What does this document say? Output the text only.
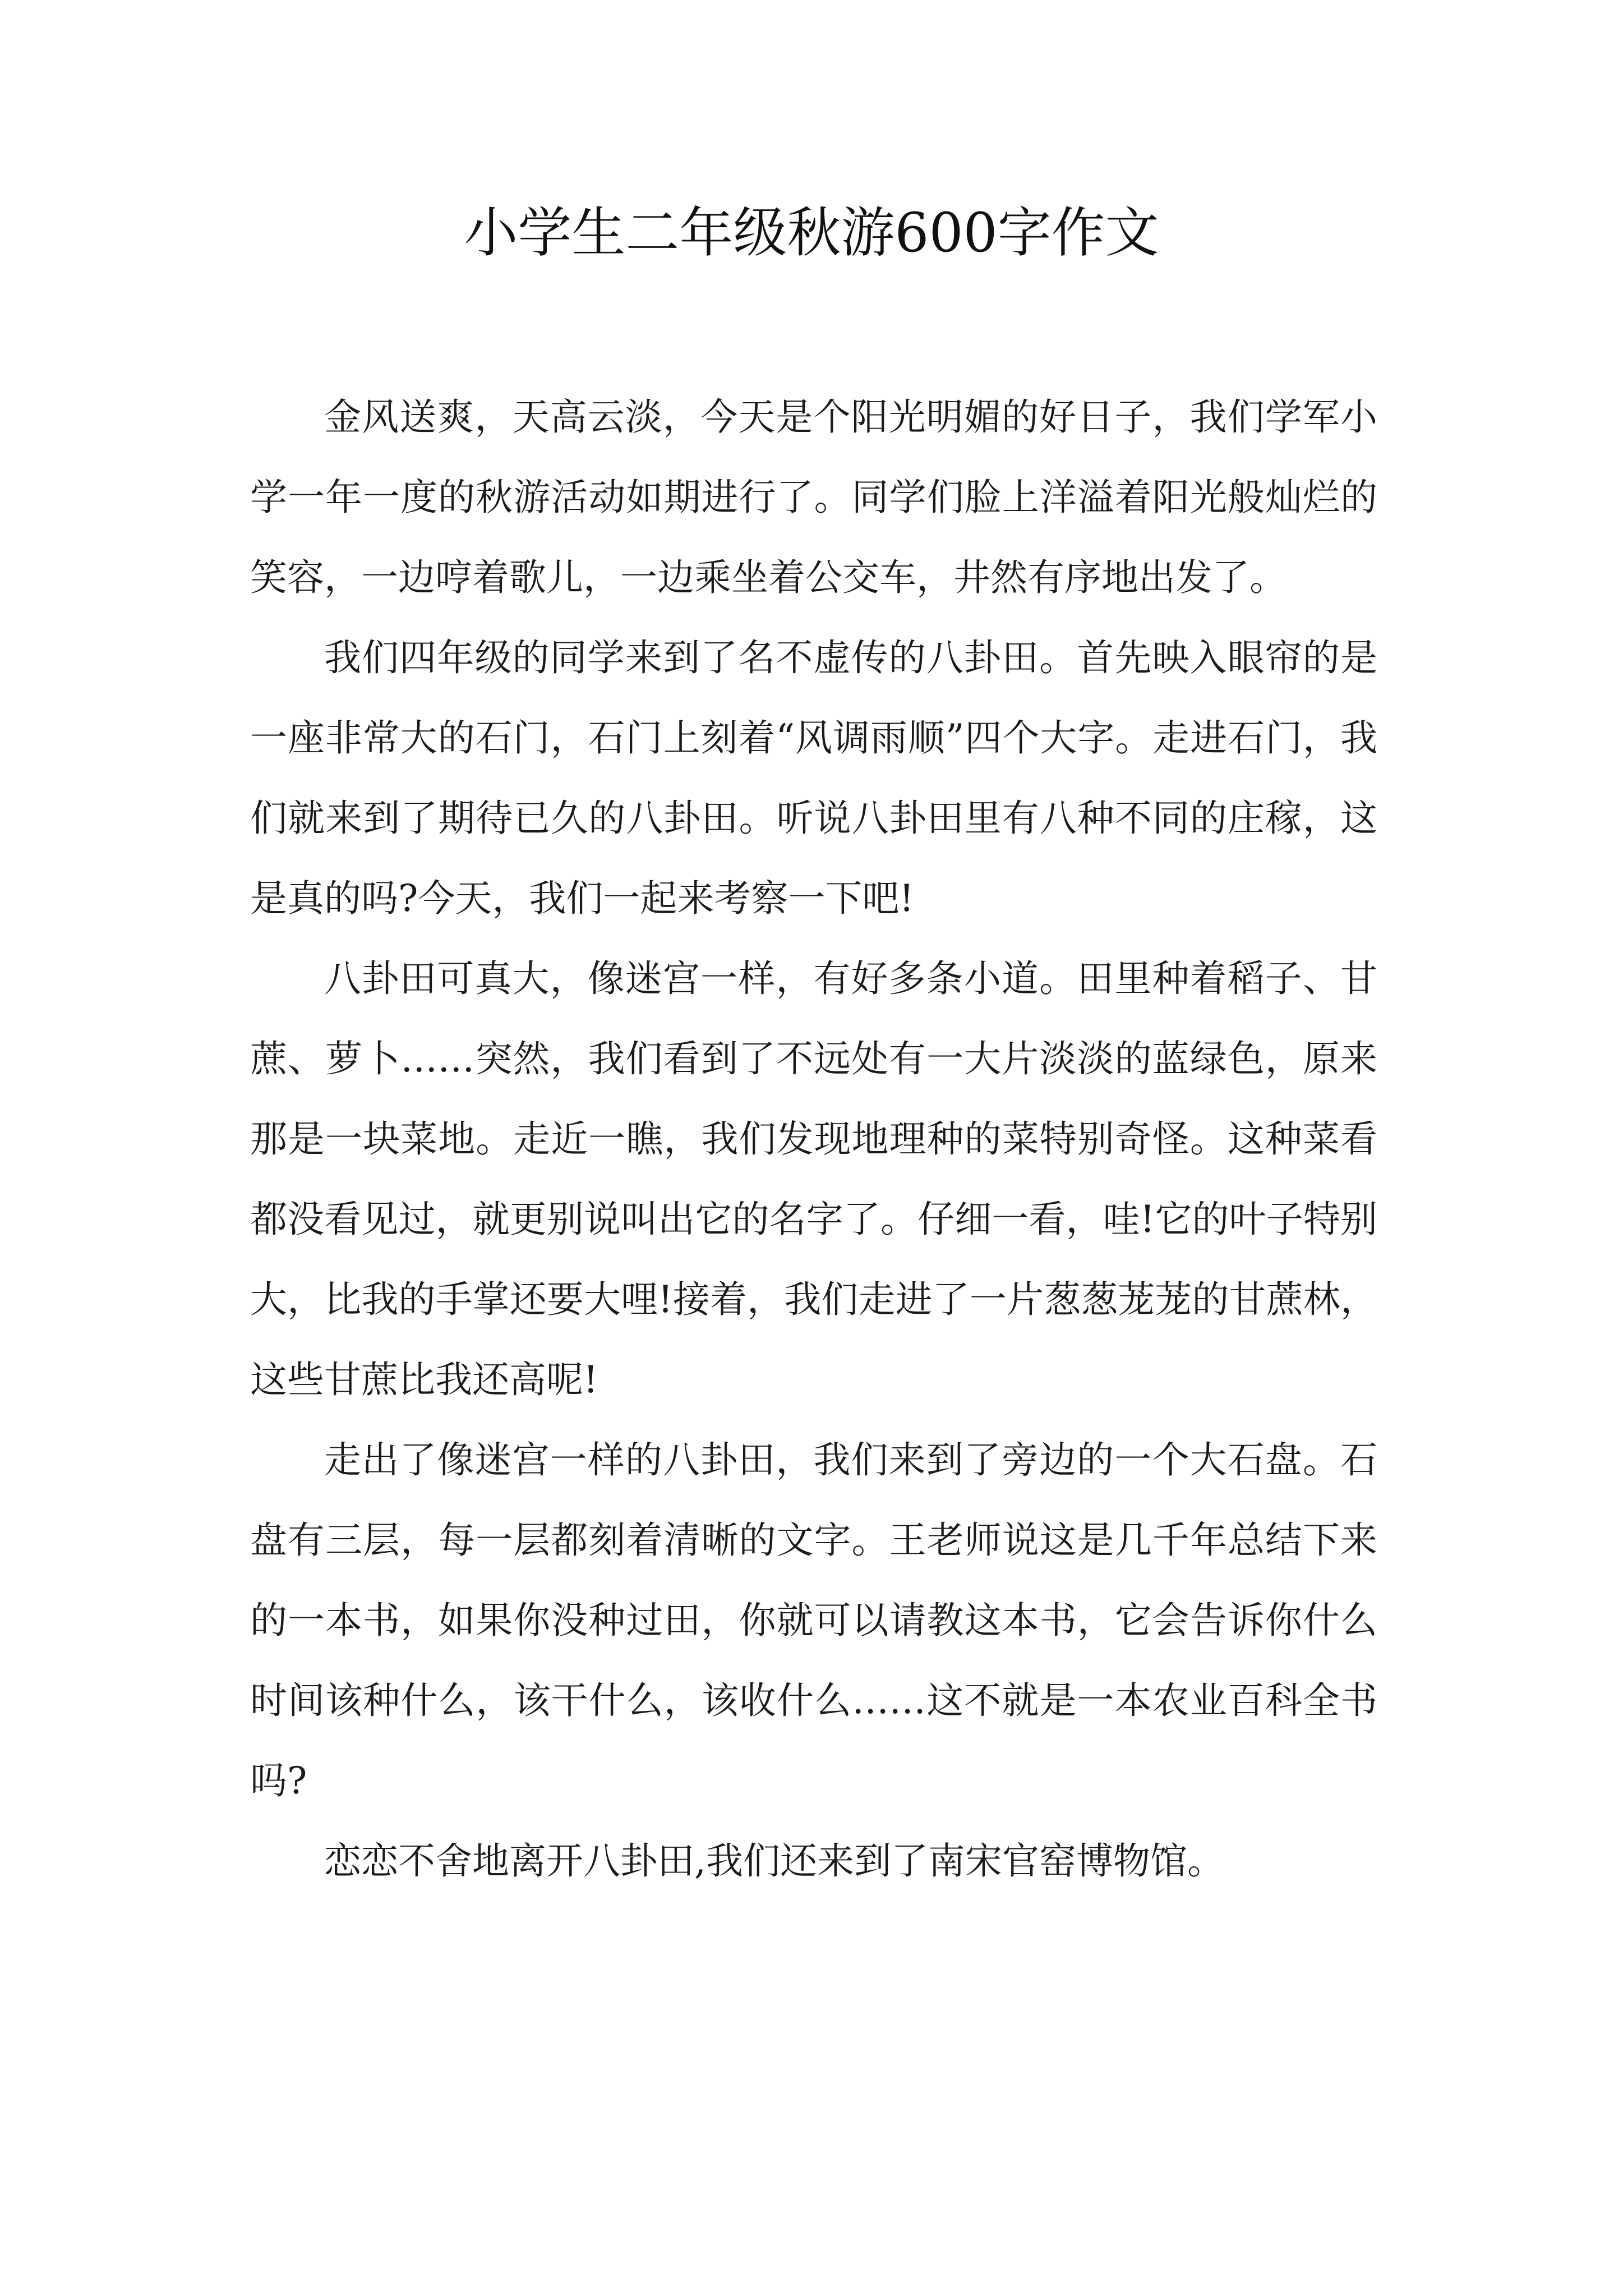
小学生二年级秋游600字作文

金风送爽，天高云淡，今天是个阳光明媚的好日子，我们学军小学一年一度的秋游活动如期进行了。同学们脸上洋溢着阳光般灿烂的笑容，一边哼着歌儿，一边乘坐着公交车，井然有序地出发了。

我们四年级的同学来到了名不虚传的八卦田。首先映入眼帘的是一座非常大的石门，石门上刻着“风调雨顺”四个大字。走进石门，我们就来到了期待已久的八卦田。听说八卦田里有八种不同的庄稼，这是真的吗?今天，我们一起来考察一下吧!

八卦田可真大，像迷宫一样，有好多条小道。田里种着稻子、甘蔗、萝卜……突然，我们看到了不远处有一大片淡淡的蓝绿色，原来那是一块菜地。走近一瞧，我们发现地理种的菜特别奇怪。这种菜看都没看见过，就更别说叫出它的名字了。仔细一看，哇!它的叶子特别大，比我的手掌还要大哩!接着，我们走进了一片葱葱茏茏的甘蔗林，这些甘蔗比我还高呢!

走出了像迷宫一样的八卦田，我们来到了旁边的一个大石盘。石盘有三层，每一层都刻着清晰的文字。王老师说这是几千年总结下来的一本书，如果你没种过田，你就可以请教这本书，它会告诉你什么时间该种什么，该干什么，该收什么……这不就是一本农业百科全书吗?

恋恋不舍地离开八卦田,我们还来到了南宋官窑博物馆。
